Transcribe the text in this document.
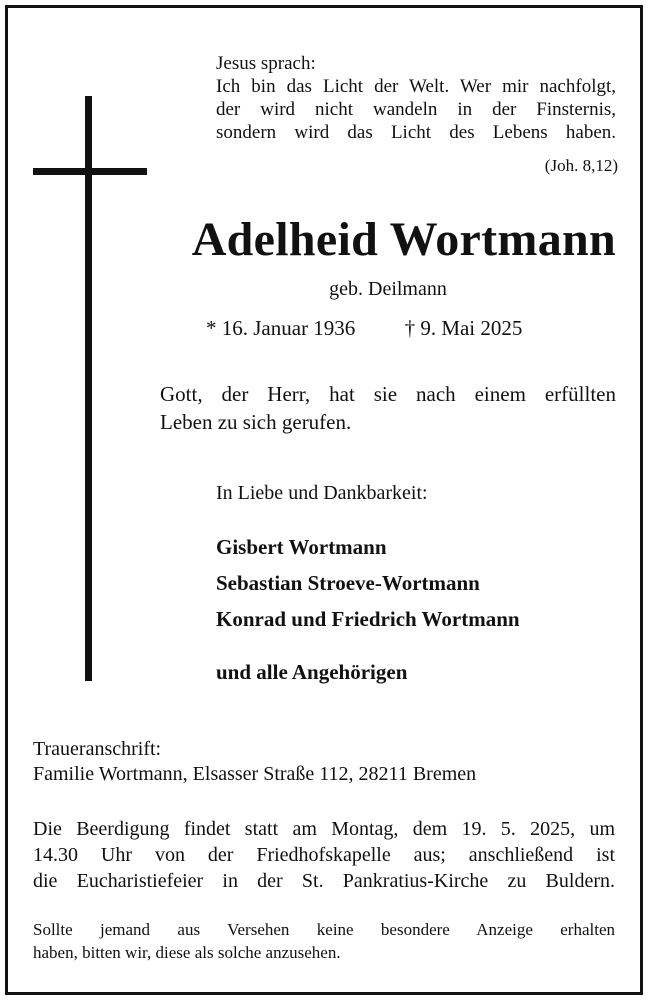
Jesus sprach:
Ich bin das Licht der Welt. Wer mir nachfolgt,
der wird nicht wandeln in der Finsternis,
sondern wird das Licht des Lebens haben.
(Joh. 8,12)
Adelheid Wortmann
geb. Deilmann
* 16. Januar 1936 † 9. Mai 2025
Gott, der Herr, hat sie nach einem erfüllten
Leben zu sich gerufen.
In Liebe und Dankbarkeit:
Gisbert Wortmann
Sebastian Stroeve-Wortmann
Konrad und Friedrich Wortmann
und alle Angehörigen
Traueranschrift:
Familie Wortmann, Elsasser Straße 112, 28211 Bremen
Die Beerdigung findet statt am Montag, dem 19. 5. 2025, um
14.30 Uhr von der Friedhofskapelle aus; anschließend ist
die Eucharistiefeier in der St. Pankratius-Kirche zu Buldern.
Sollte jemand aus Versehen keine besondere Anzeige erhalten
haben, bitten wir, diese als solche anzusehen.
